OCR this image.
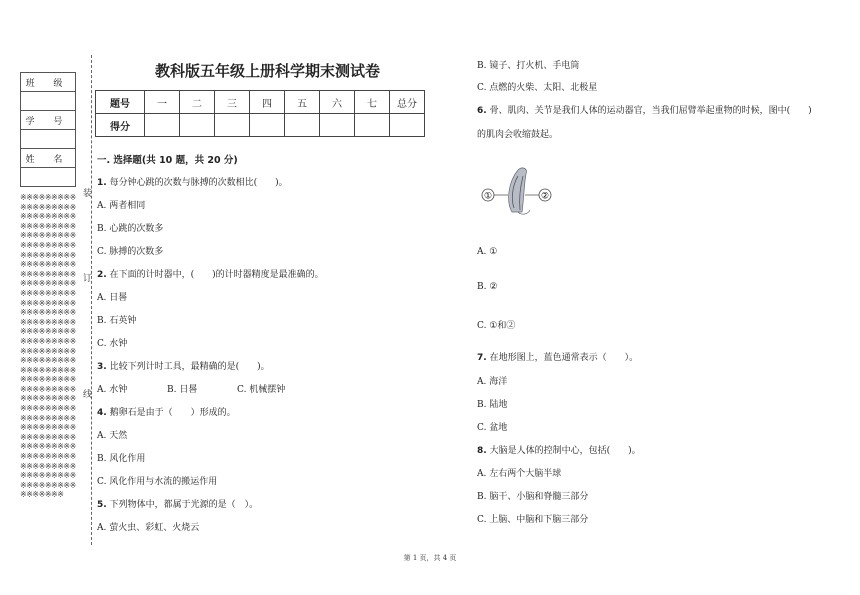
班 级

学 号

姓 名

※※※※※※※※※※※※※※※※※※※※※※※※※※※※※※※※※※※※※※※※※※※※※※※※※※※※※※※※※※※※※※※※※※※※※※※※※※※※※※※※※※※※※※※※※※※※※※※※※※※※※※※※※※※※※※※※※※※※※※※※※※※※※※※※※※※※※※※※※※※※※※※※※※※※※※※※※※※※※※※※※※※※※※※※※※※※※※※※※※※※※※※※※※※※※※※※※※※※※※※※※※※※※※※※※※※※※※※※※※※※※※※※※※※※※※※※※※※※※※※※※※※※※※※※※※※※※※※※※※※※※※※※※※※※※※※※※※※※※※※※※※※※※※
装
订
线
教科版五年级上册科学期末测试卷
题号	一	二	三	四	五	六	七	总分
得分								
一. 选择题(共 10 题，共 20 分)
1. 每分钟心跳的次数与脉搏的次数相比(　　)。
A. 两者相同
B. 心跳的次数多
C. 脉搏的次数多
2. 在下面的计时器中，(　　)的计时器精度是最准确的。
A. 日晷
B. 石英钟
C. 水钟
3. 比较下列计时工具，最精确的是(　　)。
A. 水钟	B. 日晷	C. 机械摆钟
4. 鹅卵石是由于（　　）形成的。
A. 天然
B. 风化作用
C. 风化作用与水流的搬运作用
5. 下列物体中，都属于光源的是（　）。
A. 萤火虫、彩虹、火烧云
B. 镜子、打火机、手电筒
C. 点燃的火柴、太阳、北极星
6. 骨、肌肉、关节是我们人体的运动器官，当我们屈臂举起重物的时候，图中(　　)
的肌肉会收缩鼓起。
①	②
A. ①
B. ②
C. ①和②
7. 在地形图上，蓝色通常表示（　　）。
A. 海洋
B. 陆地
C. 盆地
8. 大脑是人体的控制中心，包括(　　)。
A. 左右两个大脑半球
B. 脑干、小脑和脊髓三部分
C. 上脑、中脑和下脑三部分
第 1 页，共 4 页
